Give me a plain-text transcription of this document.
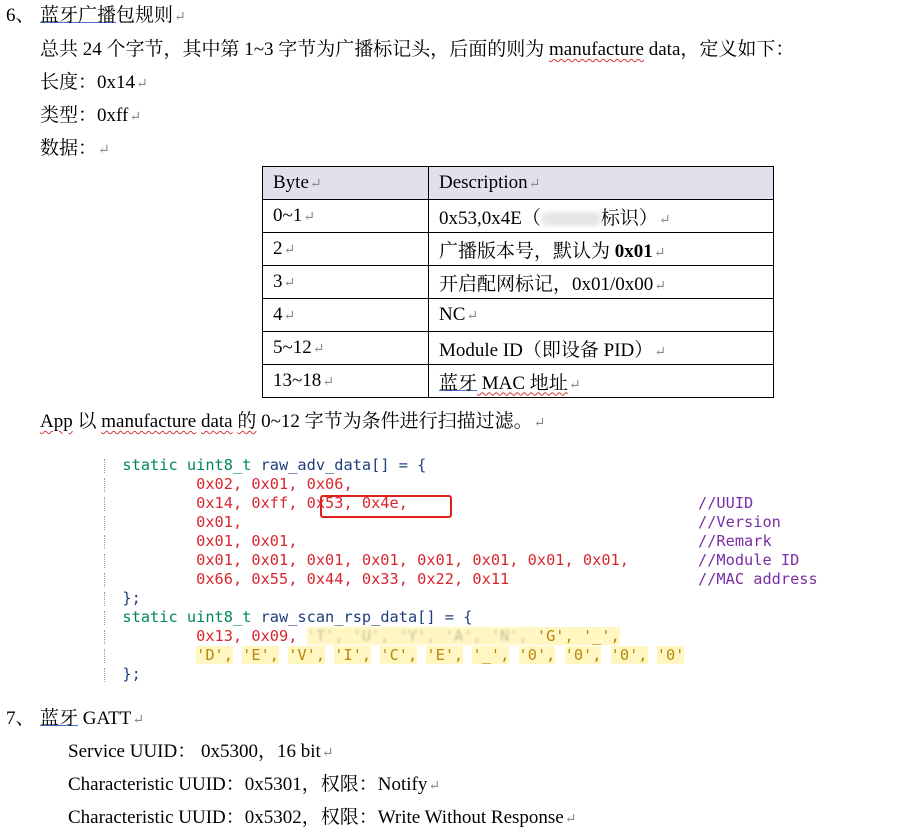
6、 蓝牙广播包规则↵
总共 24 个字节，其中第 1~3 字节为广播标记头，后面的则为 manufacture data，定义如下：
长度：0x14↵
类型：0xff↵
数据：↵
Byte↵	Description↵
0~1↵	0x53,0x4E（ 标识）↵
2↵	广播版本号，默认为 0x01↵
3↵	开启配网标记，0x01/0x00↵
4↵	NC↵
5~12↵	Module ID（即设备 PID）↵
13~18↵	蓝牙 MAC 地址↵
App 以 manufacture data 的 0~12 字节为条件进行扫描过滤。↵
static uint8_t raw_adv_data[] = {
0x02, 0x01, 0x06,
0x14, 0xff, 0x53, 0x4e,	//UUID
0x01,	//Version
0x01, 0x01,	//Remark
0x01, 0x01, 0x01, 0x01, 0x01, 0x01, 0x01, 0x01,	//Module ID
0x66, 0x55, 0x44, 0x33, 0x22, 0x11	//MAC address
};
static uint8_t raw_scan_rsp_data[] = {
0x13, 0x09, 'T', 'U', 'Y', 'A', 'N', 'G', '_',
'D', 'E', 'V', 'I', 'C', 'E', '_', '0', '0', '0', '0'
};
7、 蓝牙 GATT↵
Service UUID： 0x5300，16 bit↵
Characteristic UUID：0x5301，权限：Notify↵
Characteristic UUID：0x5302，权限：Write Without Response↵
